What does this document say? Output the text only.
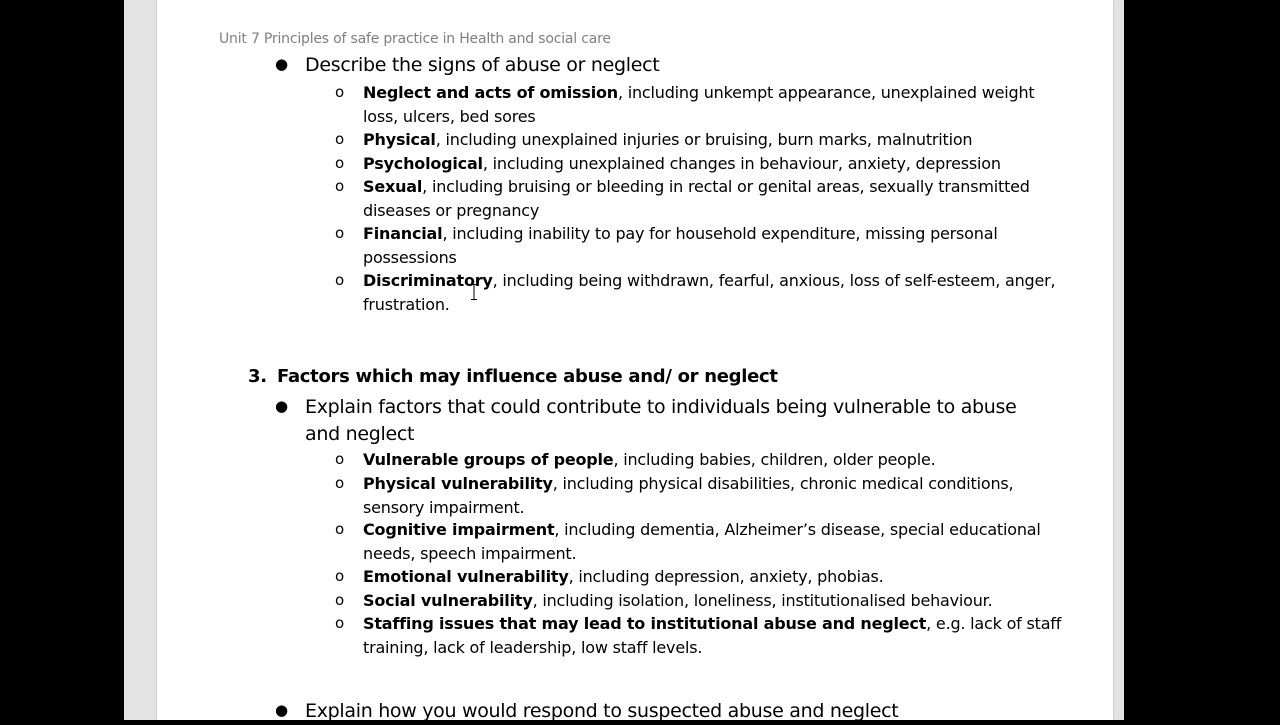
Unit 7 Principles of safe practice in Health and social care
● Describe the signs of abuse or neglect
o Neglect and acts of omission, including unkempt appearance, unexplained weight loss, ulcers, bed sores
o Physical, including unexplained injuries or bruising, burn marks, malnutrition
o Psychological, including unexplained changes in behaviour, anxiety, depression
o Sexual, including bruising or bleeding in rectal or genital areas, sexually transmitted diseases or pregnancy
o Financial, including inability to pay for household expenditure, missing personal possessions
o Discriminatory, including being withdrawn, fearful, anxious, loss of self-esteem, anger, frustration.
3. Factors which may influence abuse and/ or neglect
● Explain factors that could contribute to individuals being vulnerable to abuse and neglect
o Vulnerable groups of people, including babies, children, older people.
o Physical vulnerability, including physical disabilities, chronic medical conditions, sensory impairment.
o Cognitive impairment, including dementia, Alzheimer’s disease, special educational needs, speech impairment.
o Emotional vulnerability, including depression, anxiety, phobias.
o Social vulnerability, including isolation, loneliness, institutionalised behaviour.
o Staffing issues that may lead to institutional abuse and neglect, e.g. lack of staff training, lack of leadership, low staff levels.
● Explain how you would respond to suspected abuse and neglect
